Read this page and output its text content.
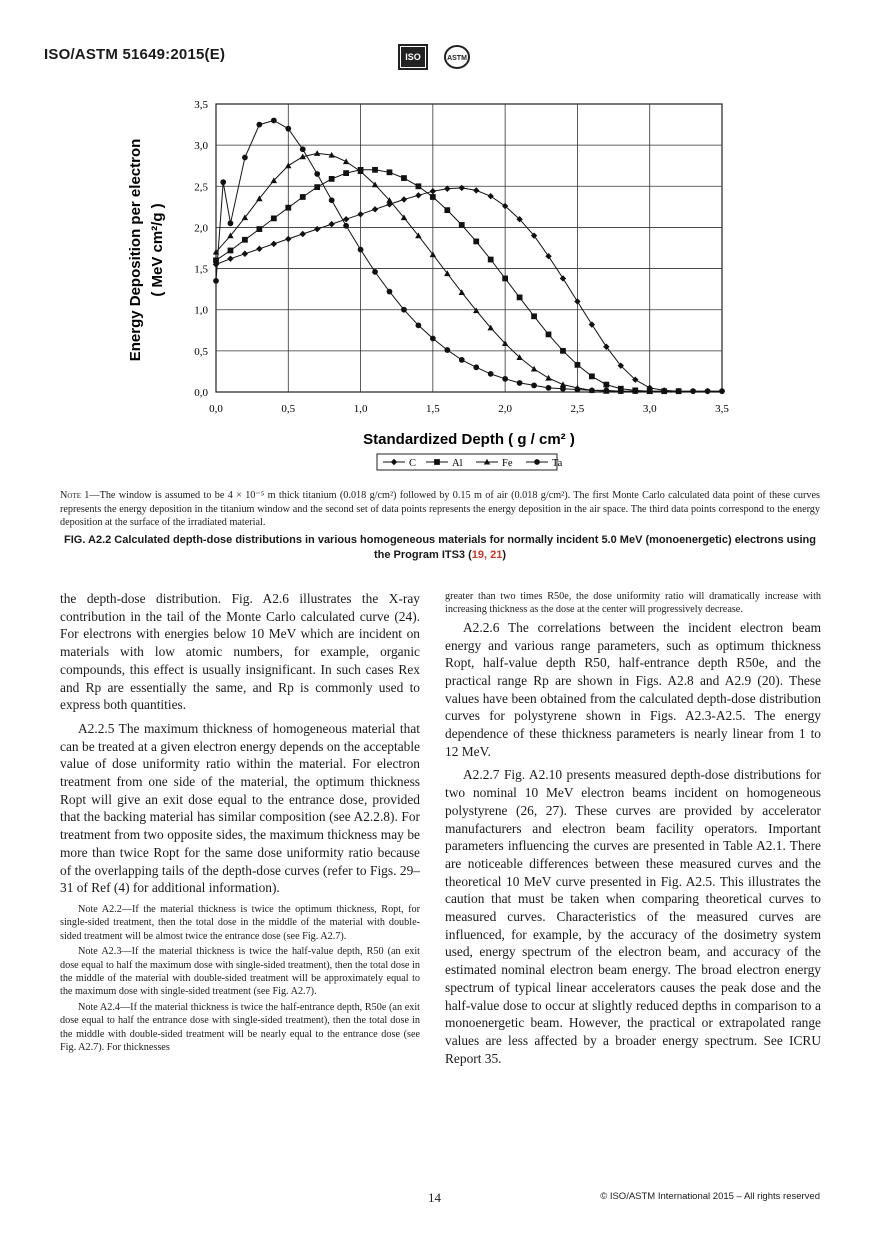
ISO/ASTM 51649:2015(E)	ISO	ASTM
0,0
0,5
1,0
1,5
2,0
2,5
3,0
3,5
0,0	0,5	1,0	1,5	2,0	2,5	3,0	3,5
Energy Deposition per electron ( MeV cm²/g )
Standardized Depth ( g / cm² )
C	Al	Fe	Ta
Note 1—The window is assumed to be 4 × 10⁻⁵ m thick titanium (0.018 g/cm²) followed by 0.15 m of air (0.018 g/cm²). The first Monte Carlo calculated data point of these curves represents the energy deposition in the titanium window and the second set of data points represents the energy deposition in the air space. The third data points correspond to the energy deposition at the surface of the irradiated material.
FIG. A2.2 Calculated depth-dose distributions in various homogeneous materials for normally incident 5.0 MeV (monoenergetic) electrons using the Program ITS3 (19, 21)

the depth-dose distribution. Fig. A2.6 illustrates the X-ray contribution in the tail of the Monte Carlo calculated curve (24). For electrons with energies below 10 MeV which are incident on materials with low atomic numbers, for example, organic compounds, this effect is usually insignificant. In such cases Rex and Rp are essentially the same, and Rp is commonly used to express both quantities.

A2.2.5 The maximum thickness of homogeneous material that can be treated at a given electron energy depends on the acceptable value of dose uniformity ratio within the material. For electron treatment from one side of the material, the optimum thickness Ropt will give an exit dose equal to the entrance dose, provided that the backing material has similar composition (see A2.2.8). For treatment from two opposite sides, the maximum thickness may be more than twice Ropt for the same dose uniformity ratio because of the overlapping tails of the depth-dose curves (refer to Figs. 29–31 of Ref (4) for additional information).

Note A2.2—If the material thickness is twice the optimum thickness, Ropt, for single-sided treatment, then the total dose in the middle of the material with double-sided treatment will be almost twice the entrance dose (see Fig. A2.7).

Note A2.3—If the material thickness is twice the half-value depth, R50 (an exit dose equal to half the maximum dose with single-sided treatment), then the total dose in the middle of the material with double-sided treatment will be approximately equal to the maximum dose with single-sided treatment (see Fig. A2.7).

Note A2.4—If the material thickness is twice the half-entrance depth, R50e (an exit dose equal to half the entrance dose with single-sided treatment), then the total dose in the middle with double-sided treatment will be nearly equal to the entrance dose (see Fig. A2.7). For thicknesses

greater than two times R50e, the dose uniformity ratio will dramatically increase with increasing thickness as the dose at the center will progressively decrease.

A2.2.6 The correlations between the incident electron beam energy and various range parameters, such as optimum thickness Ropt, half-value depth R50, half-entrance depth R50e, and the practical range Rp are shown in Figs. A2.8 and A2.9 (20). These values have been obtained from the calculated depth-dose distribution curves for polystyrene shown in Figs. A2.3-A2.5. The energy dependence of these thickness parameters is nearly linear from 1 to 12 MeV.

A2.2.7 Fig. A2.10 presents measured depth-dose distributions for two nominal 10 MeV electron beams incident on homogeneous polystyrene (26, 27). These curves are provided by accelerator manufacturers and electron beam facility operators. Important parameters influencing the curves are presented in Table A2.1. There are noticeable differences between these measured curves and the theoretical 10 MeV curve presented in Fig. A2.5. This illustrates the caution that must be taken when comparing theoretical curves to measured curves. Characteristics of the measured curves are influenced, for example, by the accuracy of the dosimetry system used, energy spectrum of the electron beam, and accuracy of the estimated nominal electron beam energy. The broad electron energy spectrum of typical linear accelerators causes the peak dose and the half-value dose to occur at slightly reduced depths in comparison to a monoenergetic beam. However, the practical or extrapolated range values are less affected by a broader energy spectrum. See ICRU Report 35.

14	© ISO/ASTM International 2015 – All rights reserved
